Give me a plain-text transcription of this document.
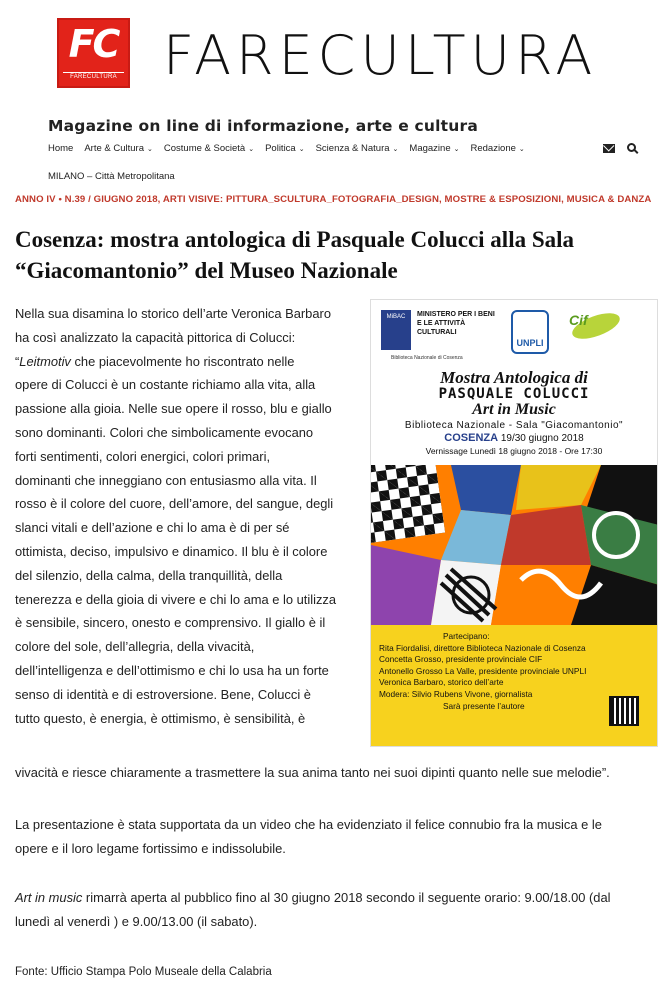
FC
FARECULTURA FARECULTURA
Magazine on line di informazione, arte e cultura
Home Arte & Cultura ⌄ Costume & Società ⌄ Politica ⌄ Scienza & Natura ⌄ Magazine ⌄ Redazione ⌄
MILANO – Città Metropolitana
ANNO IV • N.39 / GIUGNO 2018, ARTI VISIVE: PITTURA_SCULTURA_FOTOGRAFIA_DESIGN, MOSTRE & ESPOSIZIONI, MUSICA & DANZA
Cosenza: mostra antologica di Pasquale Colucci alla Sala
“Giacomantonio” del Museo Nazionale
Nella sua disamina lo storico dell’arte Veronica Barbaro
ha così analizzato la capacità pittorica di Colucci:
“Leitmotiv che piacevolmente ho riscontrato nelle
opere di Colucci è un costante richiamo alla vita, alla
passione alla gioia. Nelle sue opere il rosso, blu e giallo
sono dominanti. Colori che simbolicamente evocano
forti sentimenti, colori energici, colori primari,
dominanti che inneggiano con entusiasmo alla vita. Il
rosso è il colore del cuore, dell’amore, del sangue, degli
slanci vitali e dell’azione e chi lo ama è di per sé
ottimista, deciso, impulsivo e dinamico. Il blu è il colore
del silenzio, della calma, della tranquillità, della
tenerezza e della gioia di vivere e chi lo ama e lo utilizza
è sensibile, sincero, onesto e comprensivo. Il giallo è il
colore del sole, dell’allegria, della vivacità,
dell’intelligenza e dell’ottimismo e chi lo usa ha un forte
senso di identità e di estroversione. Bene, Colucci è
tutto questo, è energia, è ottimismo, è sensibilità, è
vivacità e riesce chiaramente a trasmettere la sua anima tanto nei suoi dipinti quanto nelle sue melodie”.
La presentazione è stata supportata da un video che ha evidenziato il felice connubio fra la musica e le
opere e il loro legame fortissimo e indissolubile.
Art in music rimarrà aperta al pubblico fino al 30 giugno 2018 secondo il seguente orario: 9.00/18.00 (dal
lunedì al venerdì ) e 9.00/13.00 (il sabato).
Fonte: Ufficio Stampa Polo Museale della Calabria
MiBAC	MINISTERO PER I BENI E LE ATTIVITÀ CULTURALI
Biblioteca Nazionale di Cosenza
UNPLI
Cif
Mostra Antologica di
PASQUALE COLUCCI
Art in Music
Biblioteca Nazionale - Sala "Giacomantonio"
COSENZA 19/30 giugno 2018
Vernissage Lunedì 18 giugno 2018 - Ore 17:30
Partecipano:
Rita Fiordalisi, direttore Biblioteca Nazionale di Cosenza
Concetta Grosso, presidente provinciale CIF
Antonello Grosso La Valle, presidente provinciale UNPLI
Veronica Barbaro, storico dell’arte
Modera: Silvio Rubens Vivone, giornalista
Sarà presente l’autore
